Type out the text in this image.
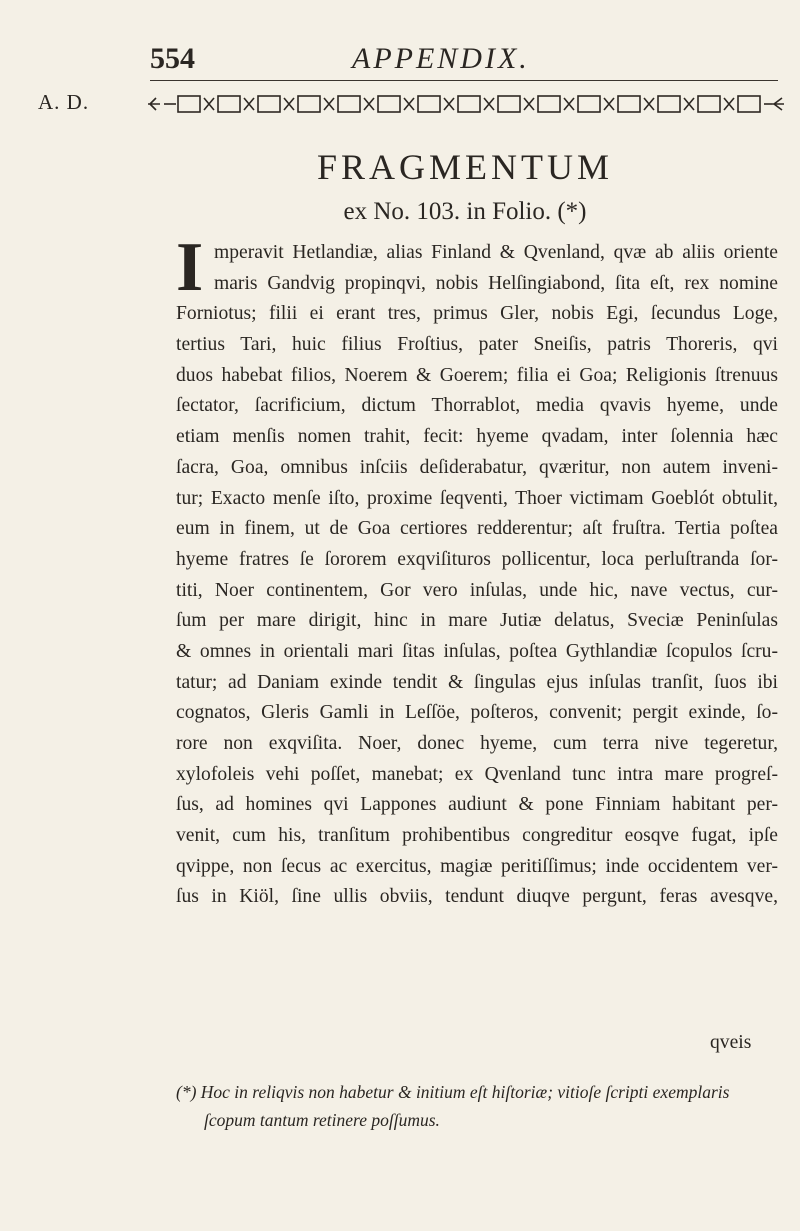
A. D.
554	APPENDIX.
FRAGMENTUM
ex No. 103. in Folio. (*)
I mperavit Hetlandiæ, alias Finland & Qvenland, qvæ ab aliis oriente
maris Gandvig propinqvi, nobis Helſingiabond, ſita eſt, rex nomine
Forniotus; filii ei erant tres, primus Gler, nobis Egi, ſecundus Loge,
tertius Tari, huic filius Froſtius, pater Sneiſis, patris Thoreris, qvi
duos habebat filios, Noerem & Goerem; filia ei Goa; Religionis ſtrenuus
ſectator, ſacrificium, dictum Thorrablot, media qvavis hyeme, unde
etiam menſis nomen trahit, fecit: hyeme qvadam, inter ſolennia hæc
ſacra, Goa, omnibus inſciis deſiderabatur, qværitur, non autem inveni-
tur; Exacto menſe iſto, proxime ſeqventi, Thoer victimam Goeblót obtulit,
eum in finem, ut de Goa certiores redderentur; aſt fruſtra. Tertia poſtea
hyeme fratres ſe ſororem exqviſituros pollicentur, loca perluſtranda ſor-
titi, Noer continentem, Gor vero inſulas, unde hic, nave vectus, cur-
ſum per mare dirigit, hinc in mare Jutiæ delatus, Sveciæ Peninſulas
& omnes in orientali mari ſitas inſulas, poſtea Gythlandiæ ſcopulos ſcru-
tatur; ad Daniam exinde tendit & ſingulas ejus inſulas tranſit, ſuos ibi
cognatos, Gleris Gamli in Leſſöe, poſteros, convenit; pergit exinde, ſo-
rore non exqviſita. Noer, donec hyeme, cum terra nive tegeretur,
xylofoleis vehi poſſet, manebat; ex Qvenland tunc intra mare progreſ-
ſus, ad homines qvi Lappones audiunt & pone Finniam habitant per-
venit, cum his, tranſitum prohibentibus congreditur eosqve fugat, ipſe
qvippe, non ſecus ac exercitus, magiæ peritiſſimus; inde occidentem ver-
ſus in Kiöl, ſine ullis obviis, tendunt diuqve pergunt, feras avesqve,
qveis
(*) Hoc in reliqvis non habetur & initium eſt hiſtoriæ; vitioſe ſcripti exemplaris
ſcopum tantum retinere poſſumus.
